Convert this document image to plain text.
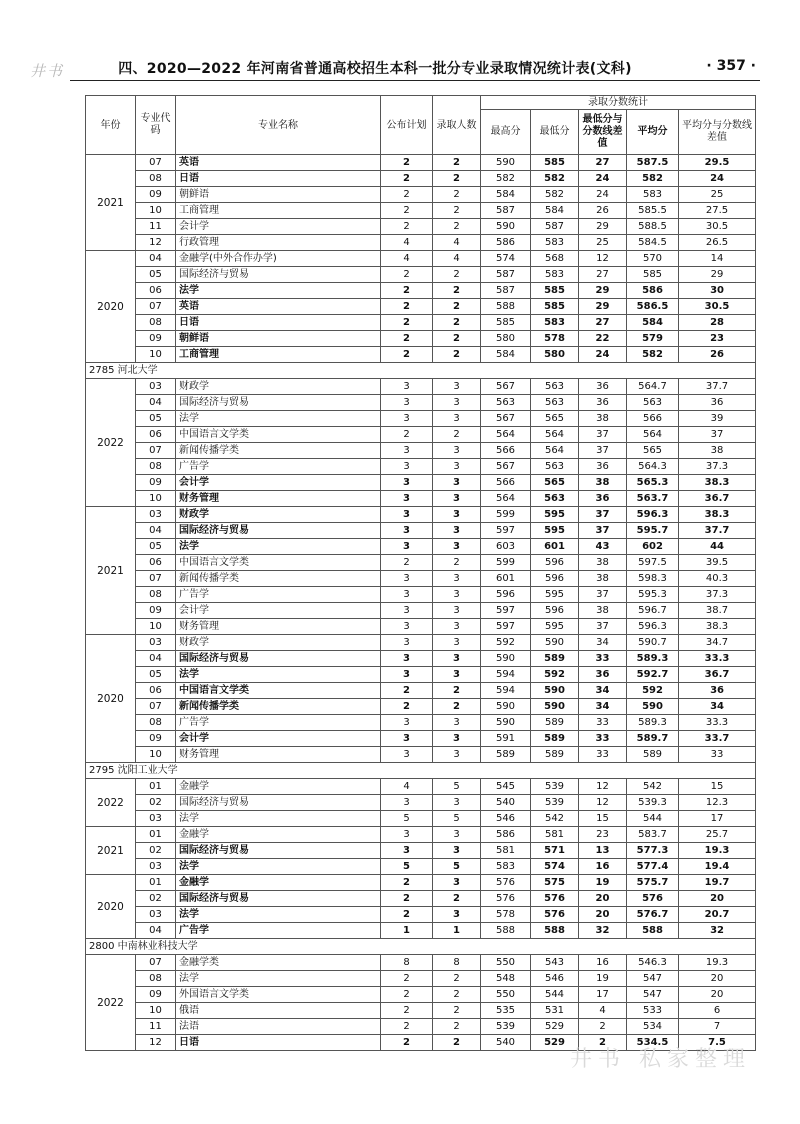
井书	四、2020—2022 年河南省普通高校招生本科一批分专业录取情况统计表(文科)	· 357 ·
年份	专业代码	专业名称	公布计划	录取人数	录取分数统计				
					最高分	最低分	最低分与分数线差值	平均分	平均分与分数线差值
2021	07	英语	2	2	590	585	27	587.5	29.5
	08	日语	2	2	582	582	24	582	24
	09	朝鲜语	2	2	584	582	24	583	25
	10	工商管理	2	2	587	584	26	585.5	27.5
	11	会计学	2	2	590	587	29	588.5	30.5
	12	行政管理	4	4	586	583	25	584.5	26.5
2020	04	金融学(中外合作办学)	4	4	574	568	12	570	14
	05	国际经济与贸易	2	2	587	583	27	585	29
	06	法学	2	2	587	585	29	586	30
	07	英语	2	2	588	585	29	586.5	30.5
	08	日语	2	2	585	583	27	584	28
	09	朝鲜语	2	2	580	578	22	579	23
	10	工商管理	2	2	584	580	24	582	26
2785 河北大学									
2022	03	财政学	3	3	567	563	36	564.7	37.7
	04	国际经济与贸易	3	3	563	563	36	563	36
	05	法学	3	3	567	565	38	566	39
	06	中国语言文学类	2	2	564	564	37	564	37
	07	新闻传播学类	3	3	566	564	37	565	38
	08	广告学	3	3	567	563	36	564.3	37.3
	09	会计学	3	3	566	565	38	565.3	38.3
	10	财务管理	3	3	564	563	36	563.7	36.7
2021	03	财政学	3	3	599	595	37	596.3	38.3
	04	国际经济与贸易	3	3	597	595	37	595.7	37.7
	05	法学	3	3	603	601	43	602	44
	06	中国语言文学类	2	2	599	596	38	597.5	39.5
	07	新闻传播学类	3	3	601	596	38	598.3	40.3
	08	广告学	3	3	596	595	37	595.3	37.3
	09	会计学	3	3	597	596	38	596.7	38.7
	10	财务管理	3	3	597	595	37	596.3	38.3
2020	03	财政学	3	3	592	590	34	590.7	34.7
	04	国际经济与贸易	3	3	590	589	33	589.3	33.3
	05	法学	3	3	594	592	36	592.7	36.7
	06	中国语言文学类	2	2	594	590	34	592	36
	07	新闻传播学类	2	2	590	590	34	590	34
	08	广告学	3	3	590	589	33	589.3	33.3
	09	会计学	3	3	591	589	33	589.7	33.7
	10	财务管理	3	3	589	589	33	589	33
2795 沈阳工业大学									
2022	01	金融学	4	5	545	539	12	542	15
	02	国际经济与贸易	3	3	540	539	12	539.3	12.3
	03	法学	5	5	546	542	15	544	17
2021	01	金融学	3	3	586	581	23	583.7	25.7
	02	国际经济与贸易	3	3	581	571	13	577.3	19.3
	03	法学	5	5	583	574	16	577.4	19.4
2020	01	金融学	2	3	576	575	19	575.7	19.7
	02	国际经济与贸易	2	2	576	576	20	576	20
	03	法学	2	3	578	576	20	576.7	20.7
	04	广告学	1	1	588	588	32	588	32
2800 中南林业科技大学									
2022	07	金融学类	8	8	550	543	16	546.3	19.3
	08	法学	2	2	548	546	19	547	20
	09	外国语言文学类	2	2	550	544	17	547	20
	10	俄语	2	2	535	531	4	533	6
	11	法语	2	2	539	529	2	534	7
	12	日语	2	2	540	529	2	534.5	7.5
井书 私家整理
